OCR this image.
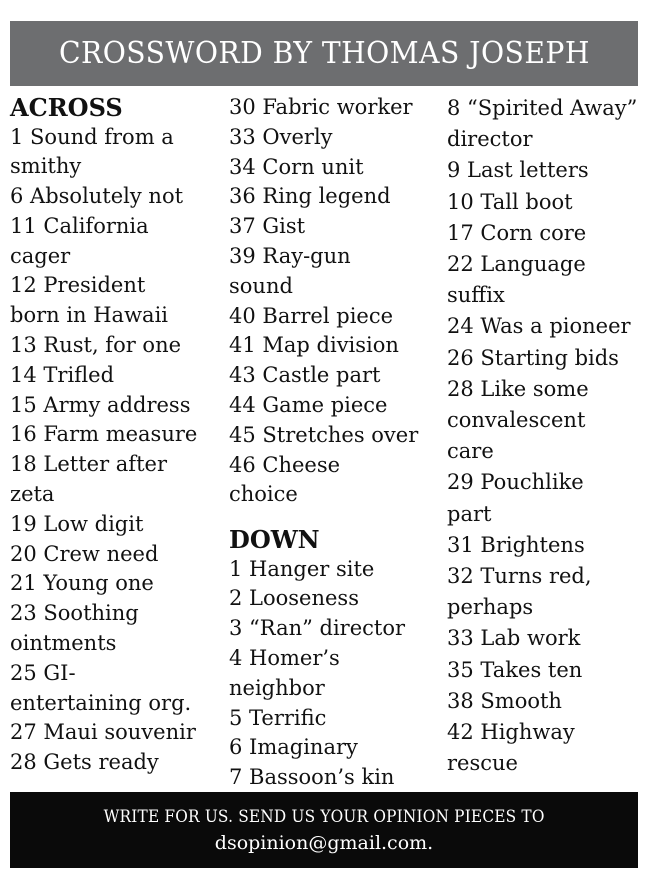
CROSSWORD BY THOMAS JOSEPH
ACROSS
1 Sound from a
smithy
6 Absolutely not
11 California
cager
12 President
born in Hawaii
13 Rust, for one
14 Trifled
15 Army address
16 Farm measure
18 Letter after
zeta
19 Low digit
20 Crew need
21 Young one
23 Soothing
ointments
25 GI-
entertaining org.
27 Maui souvenir
28 Gets ready
30 Fabric worker
33 Overly
34 Corn unit
36 Ring legend
37 Gist
39 Ray-gun
sound
40 Barrel piece
41 Map division
43 Castle part
44 Game piece
45 Stretches over
46 Cheese
choice
DOWN
1 Hanger site
2 Looseness
3 “Ran” director
4 Homer’s
neighbor
5 Terrific
6 Imaginary
7 Bassoon’s kin
8 “Spirited Away”
director
9 Last letters
10 Tall boot
17 Corn core
22 Language
suffix
24 Was a pioneer
26 Starting bids
28 Like some
convalescent
care
29 Pouchlike
part
31 Brightens
32 Turns red,
perhaps
33 Lab work
35 Takes ten
38 Smooth
42 Highway
rescue
WRITE FOR US. SEND US YOUR OPINION PIECES TO
dsopinion@gmail.com.
